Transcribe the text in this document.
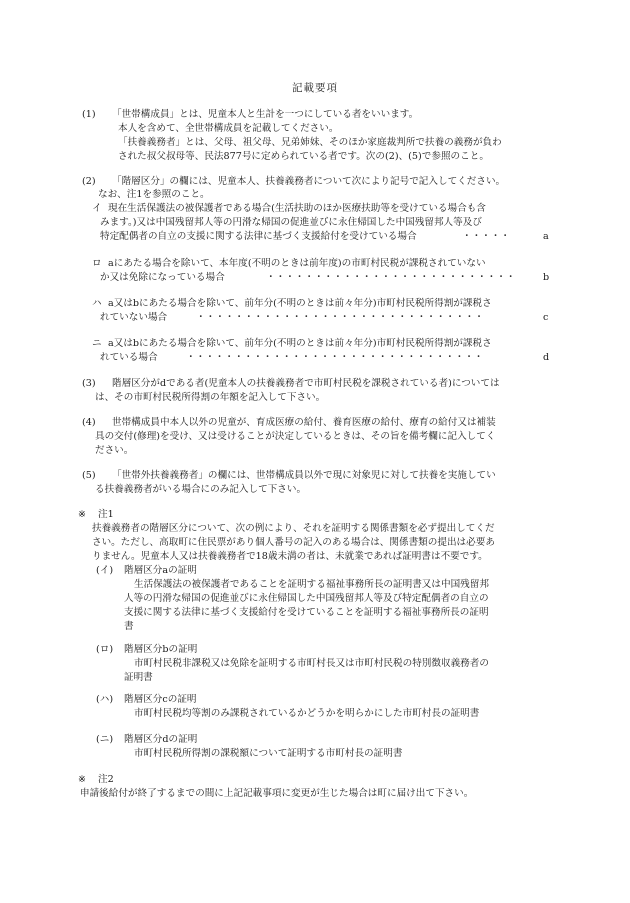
記載要項
(1) 「世帯構成員」とは、児童本人と生計を一つにしている者をいいます。
本人を含めて、全世帯構成員を記載してください。
「扶養義務者」とは、父母、祖父母、兄弟姉妹、そのほか家庭裁判所で扶養の義務が負わ
された叔父叔母等、民法877号に定められている者です。次の(2)、(5)で参照のこと。
(2) 「階層区分」の欄には、児童本人、扶養義務者について次により記号で記入してください。
なお、注1を参照のこと。
イ 現在生活保護法の被保護者である場合(生活扶助のほか医療扶助等を受けている場合も含
みます。)又は中国残留邦人等の円滑な帰国の促進並びに永住帰国した中国残留邦人等及び
特定配偶者の自立の支援に関する法律に基づく支援給付を受けている場合	・・・・・	a
ロ aにあたる場合を除いて、本年度(不明のときは前年度)の市町村民税が課税されていない
か又は免除になっている場合	・・・・・・・・・・・・・・・・・・・・・・・・・・	b
ハ a又はbにあたる場合を除いて、前年分(不明のときは前々年分)市町村民税所得割が課税さ
れていない場合	・・・・・・・・・・・・・・・・・・・・・・・・・・・・・・	c
ニ a又はbにあたる場合を除いて、前年分(不明のときは前々年分)市町村民税所得割が課税さ
れている場合	・・・・・・・・・・・・・・・・・・・・・・・・・・・・・・・	d
(3) 階層区分がdである者(児童本人の扶養義務者で市町村民税を課税されている者)については
は、その市町村民税所得割の年額を記入して下さい。
(4) 世帯構成員中本人以外の児童が、育成医療の給付、養育医療の給付、療育の給付又は補装
具の交付(修理)を受け、又は受けることが決定しているときは、その旨を備考欄に記入してく
ださい。
(5) 「世帯外扶養義務者」の欄には、世帯構成員以外で現に対象児に対して扶養を実施してい
る扶養義務者がいる場合にのみ記入して下さい。
※ 注1
扶養義務者の階層区分について、次の例により、それを証明する関係書類を必ず提出してくだ
さい。ただし、高取町に住民票があり個人番号の記入のある場合は、関係書類の提出は必要あ
りません。児童本人又は扶養義務者で18歳未満の者は、未就業であれば証明書は不要です。
(イ) 階層区分aの証明
生活保護法の被保護者であることを証明する福祉事務所長の証明書又は中国残留邦
人等の円滑な帰国の促進並びに永住帰国した中国残留邦人等及び特定配偶者の自立の
支援に関する法律に基づく支援給付を受けていることを証明する福祉事務所長の証明
書
(ロ) 階層区分bの証明
市町村民税非課税又は免除を証明する市町村長又は市町村民税の特別徴収義務者の
証明書
(ハ) 階層区分cの証明
市町村民税均等割のみ課税されているかどうかを明らかにした市町村長の証明書
(ニ) 階層区分dの証明
市町村民税所得割の課税額について証明する市町村長の証明書
※ 注2
申請後給付が終了するまでの間に上記記載事項に変更が生じた場合は町に届け出て下さい。
